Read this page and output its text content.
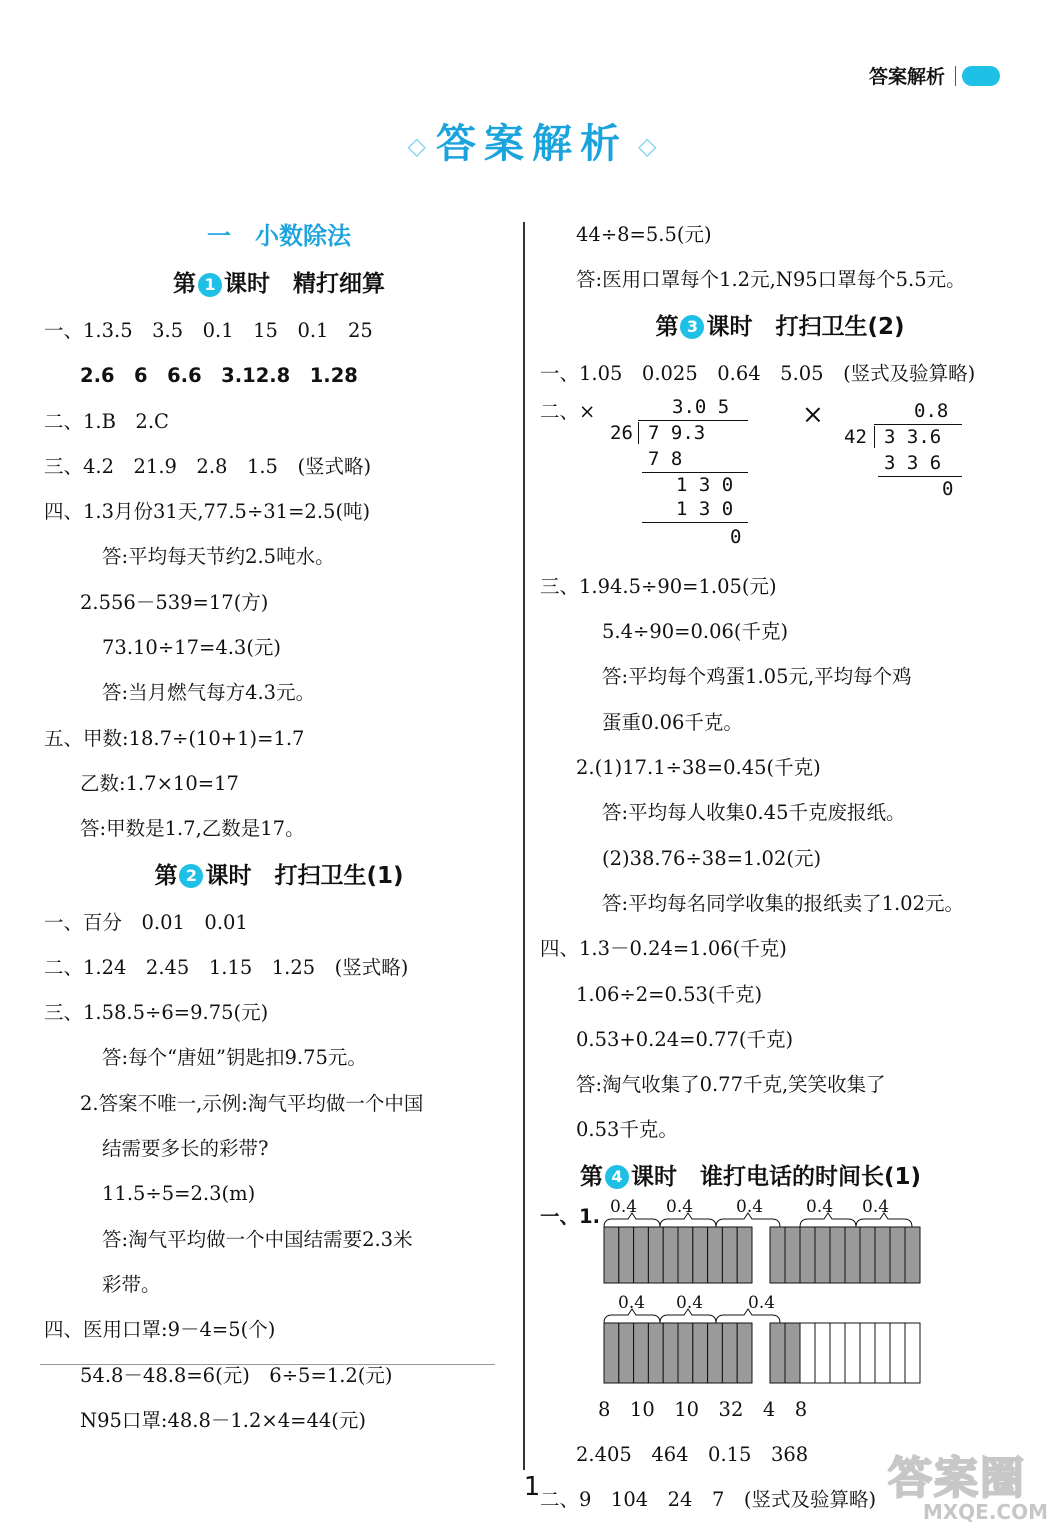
答案解析
◇ 答案解析 ◇
一　小数除法
第 1 课时　精打细算
一、1.3.5　3.5　0.1　15　0.1　25
2.6　6　6.6　3.12.8　1.28
二、1.B　2.C
三、4.2　21.9　2.8　1.5　(竖式略)
四、1.3月份31天,77.5÷31=2.5(吨)
答:平均每天节约2.5吨水。
2.556－539=17(方)
73.10÷17=4.3(元)
答:当月燃气每方4.3元。
五、甲数:18.7÷(10+1)=1.7
乙数:1.7×10=17
答:甲数是1.7,乙数是17。
第 2 课时　打扫卫生(1)
一、百分　0.01　0.01
二、1.24　2.45　1.15　1.25　(竖式略)
三、1.58.5÷6=9.75(元)
答:每个“唐妞”钥匙扣9.75元。
2.答案不唯一,示例:淘气平均做一个中国
结需要多长的彩带?
11.5÷5=2.3(m)
答:淘气平均做一个中国结需要2.3米
彩带。
四、医用口罩:9－4=5(个)
54.8－48.8=6(元)　6÷5=1.2(元)
N95口罩:48.8－1.2×4=44(元)
44÷8=5.5(元)
答:医用口罩每个1.2元,N95口罩每个5.5元。
第 3 课时　打扫卫生(2)
一、1.05　0.025　0.64　5.05　(竖式及验算略)
二、×	3.0 5
26 7 9.3
7 8
1 3 0
1 3 0
0
×	0.8
42 3 3.6
3 3 6
0
三、1.94.5÷90=1.05(元)
5.4÷90=0.06(千克)
答:平均每个鸡蛋1.05元,平均每个鸡
蛋重0.06千克。
2.(1)17.1÷38=0.45(千克)
答:平均每人收集0.45千克废报纸。
(2)38.76÷38=1.02(元)
答:平均每名同学收集的报纸卖了1.02元。
四、1.3－0.24=1.06(千克)
1.06÷2=0.53(千克)
0.53+0.24=0.77(千克)
答:淘气收集了0.77千克,笑笑收集了
0.53千克。
第 4 课时　谁打电话的时间长(1)
一、1. 0.4 0.4	0.4	0.4 0.4
0.4 0.4	0.4
8　10　10　32　4　8
2.405　464　0.15　368
二、9　104　24　7　(竖式及验算略)
1	答案圈
MXQE.COM
